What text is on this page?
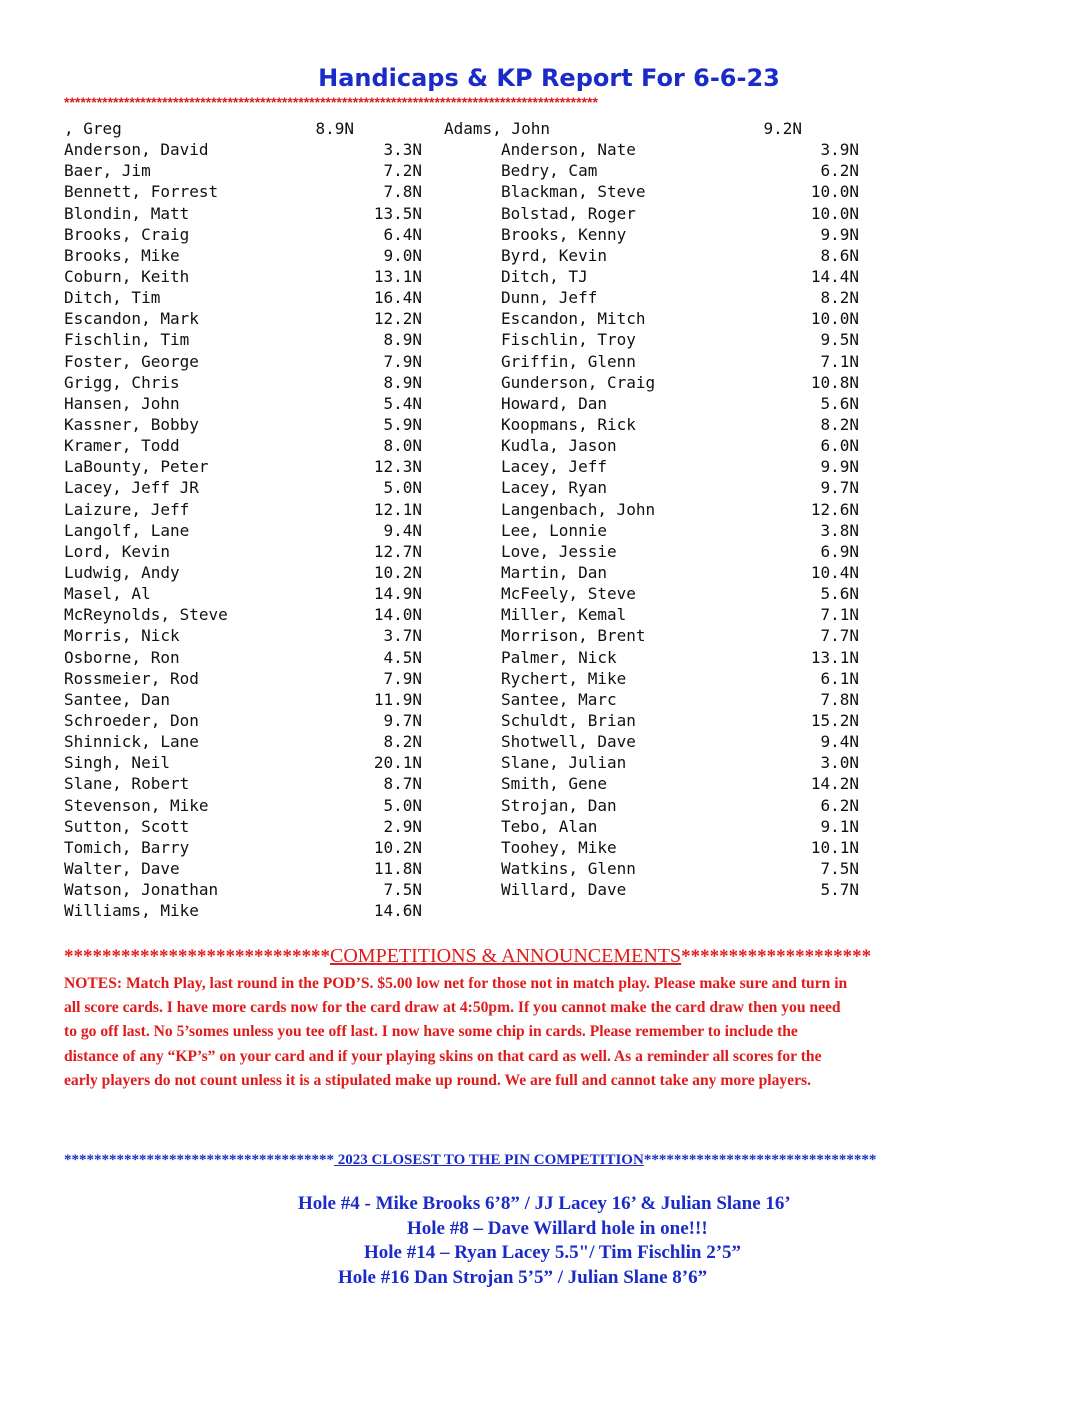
Handicaps & KP Report For 6-6-23
**************************************************************************************************
, Greg	8.9N	Adams, John	9.2N
Anderson, David	3.3N	Anderson, Nate	3.9N
Baer, Jim	7.2N	Bedry, Cam	6.2N
Bennett, Forrest	7.8N	Blackman, Steve	10.0N
Blondin, Matt	13.5N	Bolstad, Roger	10.0N
Brooks, Craig	6.4N	Brooks, Kenny	9.9N
Brooks, Mike	9.0N	Byrd, Kevin	8.6N
Coburn, Keith	13.1N	Ditch, TJ	14.4N
Ditch, Tim	16.4N	Dunn, Jeff	8.2N
Escandon, Mark	12.2N	Escandon, Mitch	10.0N
Fischlin, Tim	8.9N	Fischlin, Troy	9.5N
Foster, George	7.9N	Griffin, Glenn	7.1N
Grigg, Chris	8.9N	Gunderson, Craig	10.8N
Hansen, John	5.4N	Howard, Dan	5.6N
Kassner, Bobby	5.9N	Koopmans, Rick	8.2N
Kramer, Todd	8.0N	Kudla, Jason	6.0N
LaBounty, Peter	12.3N	Lacey, Jeff	9.9N
Lacey, Jeff JR	5.0N	Lacey, Ryan	9.7N
Laizure, Jeff	12.1N	Langenbach, John	12.6N
Langolf, Lane	9.4N	Lee, Lonnie	3.8N
Lord, Kevin	12.7N	Love, Jessie	6.9N
Ludwig, Andy	10.2N	Martin, Dan	10.4N
Masel, Al	14.9N	McFeely, Steve	5.6N
McReynolds, Steve	14.0N	Miller, Kemal	7.1N
Morris, Nick	3.7N	Morrison, Brent	7.7N
Osborne, Ron	4.5N	Palmer, Nick	13.1N
Rossmeier, Rod	7.9N	Rychert, Mike	6.1N
Santee, Dan	11.9N	Santee, Marc	7.8N
Schroeder, Don	9.7N	Schuldt, Brian	15.2N
Shinnick, Lane	8.2N	Shotwell, Dave	9.4N
Singh, Neil	20.1N	Slane, Julian	3.0N
Slane, Robert	8.7N	Smith, Gene	14.2N
Stevenson, Mike	5.0N	Strojan, Dan	6.2N
Sutton, Scott	2.9N	Tebo, Alan	9.1N
Tomich, Barry	10.2N	Toohey, Mike	10.1N
Walter, Dave	11.8N	Watkins, Glenn	7.5N
Watson, Jonathan	7.5N	Willard, Dave	5.7N
Williams, Mike	14.6N
****************************COMPETITIONS & ANNOUNCEMENTS********************
NOTES: Match Play, last round in the POD’S. $5.00 low net for those not in match play. Please make sure and turn in
all score cards. I have more cards now for the card draw at 4:50pm. If you cannot make the card draw then you need
to go off last. No 5’somes unless you tee off last. I now have some chip in cards. Please remember to include the
distance of any “KP’s” on your card and if your playing skins on that card as well. As a reminder all scores for the
early players do not count unless it is a stipulated make up round. We are full and cannot take any more players.
************************************ 2023 CLOSEST TO THE PIN COMPETITION*******************************
Hole #4 - Mike Brooks 6’8” / JJ Lacey 16’ & Julian Slane 16’
Hole #8 – Dave Willard hole in one!!!
Hole #14 – Ryan Lacey 5.5"/ Tim Fischlin 2’5”
Hole #16 Dan Strojan 5’5” / Julian Slane 8’6”
